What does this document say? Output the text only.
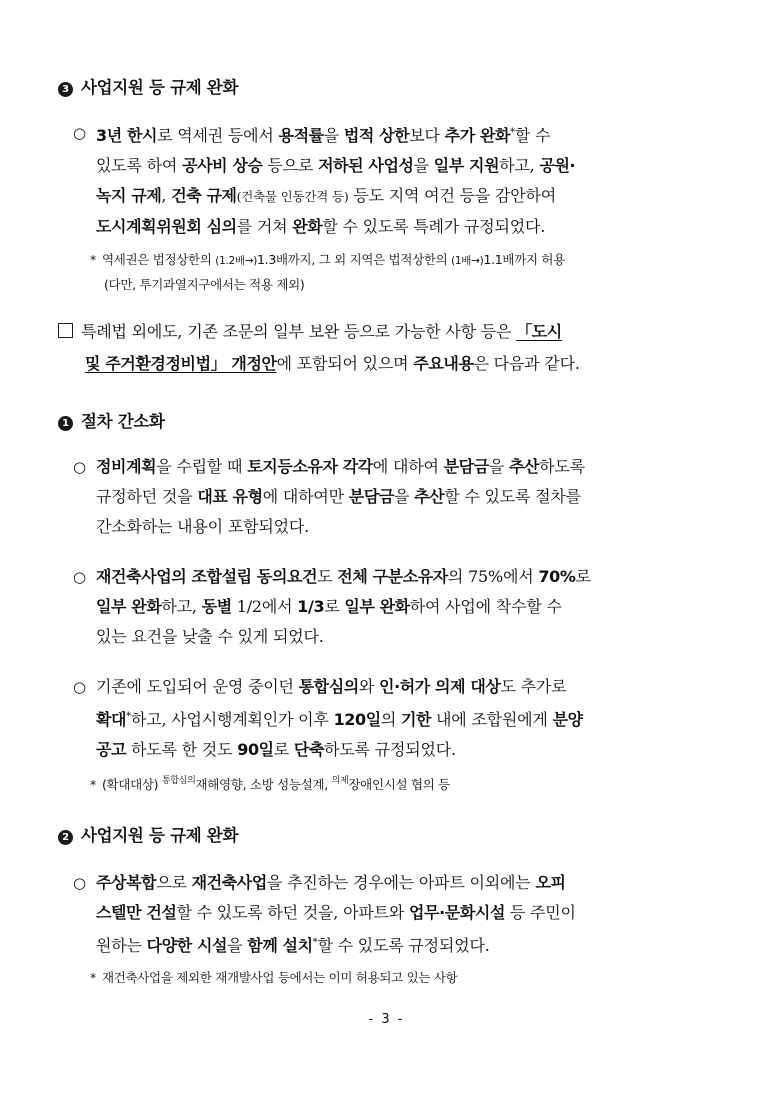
3 사업지원 등 규제 완화
○ 3년 한시로 역세권 등에서 용적률을 법적 상한보다 추가 완화*할 수
있도록 하여 공사비 상승 등으로 저하된 사업성을 일부 지원하고, 공원·
녹지 규제, 건축 규제(건축물 인동간격 등) 등도 지역 여건 등을 감안하여
도시계획위원회 심의를 거쳐 완화할 수 있도록 특례가 규정되었다.
* 역세권은 법정상한의 (1.2배→)1.3배까지, 그 외 지역은 법적상한의 (1배→)1.1배까지 허용
(다만, 투기과열지구에서는 적용 제외)
특례법 외에도, 기존 조문의 일부 보완 등으로 가능한 사항 등은 「도시
및 주거환경정비법」 개정안에 포함되어 있으며 주요내용은 다음과 같다.
1 절차 간소화
○ 정비계획을 수립할 때 토지등소유자 각각에 대하여 분담금을 추산하도록
규정하던 것을 대표 유형에 대하여만 분담금을 추산할 수 있도록 절차를
간소화하는 내용이 포함되었다.
○ 재건축사업의 조합설립 동의요건도 전체 구분소유자의 75%에서 70%로
일부 완화하고, 동별 1/2에서 1/3로 일부 완화하여 사업에 착수할 수
있는 요건을 낮출 수 있게 되었다.
○ 기존에 도입되어 운영 중이던 통합심의와 인·허가 의제 대상도 추가로
확대*하고, 사업시행계획인가 이후 120일의 기한 내에 조합원에게 분양
공고 하도록 한 것도 90일로 단축하도록 규정되었다.
* (확대대상) $^{통합심의}$재해영향, 소방 성능설계, $^{의제}$장애인시설 협의 등
2 사업지원 등 규제 완화
○ 주상복합으로 재건축사업을 추진하는 경우에는 아파트 이외에는 오피
스텔만 건설할 수 있도록 하던 것을, 아파트와 업무·문화시설 등 주민이
원하는 다양한 시설을 함께 설치*할 수 있도록 규정되었다.
* 재건축사업을 제외한 재개발사업 등에서는 이미 허용되고 있는 사항
- 3 -
